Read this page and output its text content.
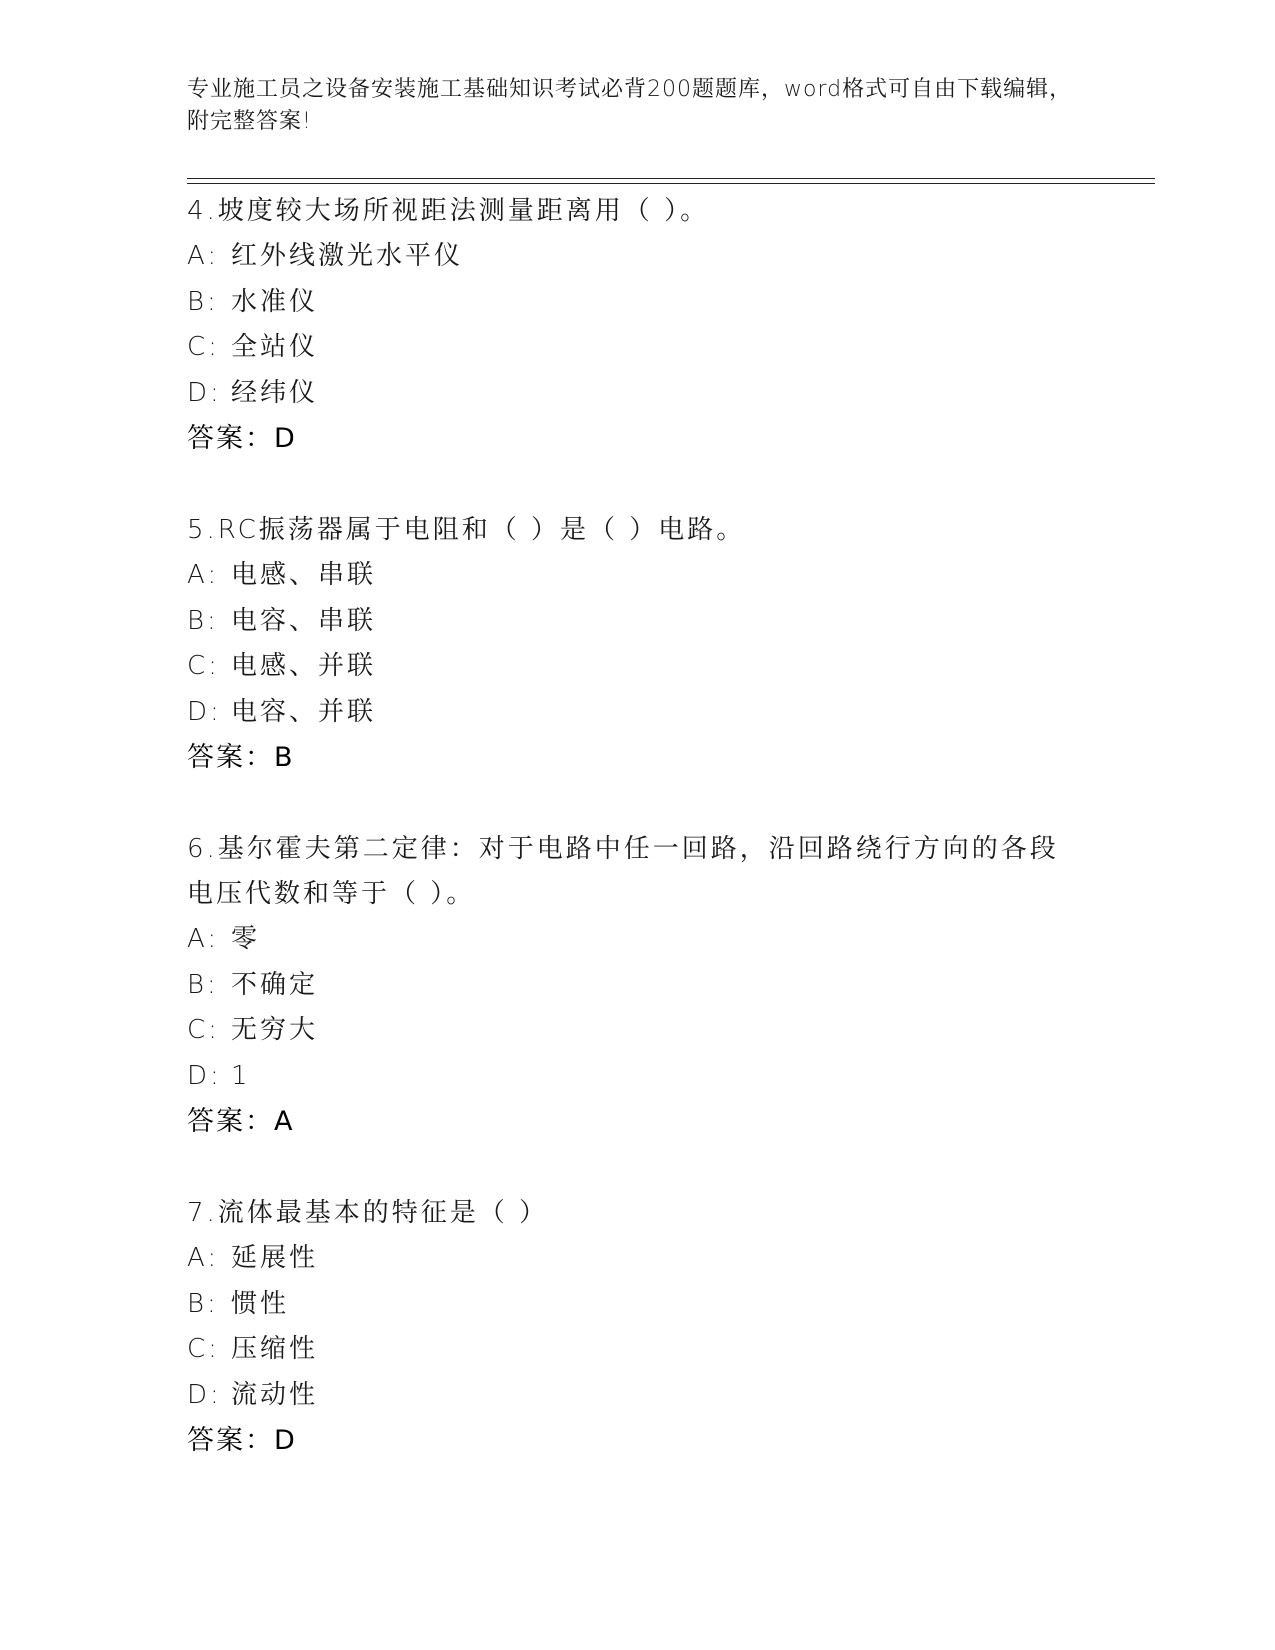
专业施工员之设备安装施工基础知识考试必背200题题库，word格式可自由下载编辑，附完整答案!
4.坡度较大场所视距法测量距离用（ ）。
A: 红外线激光水平仪
B: 水准仪
C: 全站仪
D: 经纬仪
答案：D
5.RC振荡器属于电阻和（ ）是（ ）电路。
A: 电感、串联
B: 电容、串联
C: 电感、并联
D: 电容、并联
答案：B
6.基尔霍夫第二定律：对于电路中任一回路，沿回路绕行方向的各段电压代数和等于（ ）。
A: 零
B: 不确定
C: 无穷大
D: 1
答案：A
7.流体最基本的特征是（ ）
A: 延展性
B: 惯性
C: 压缩性
D: 流动性
答案：D
